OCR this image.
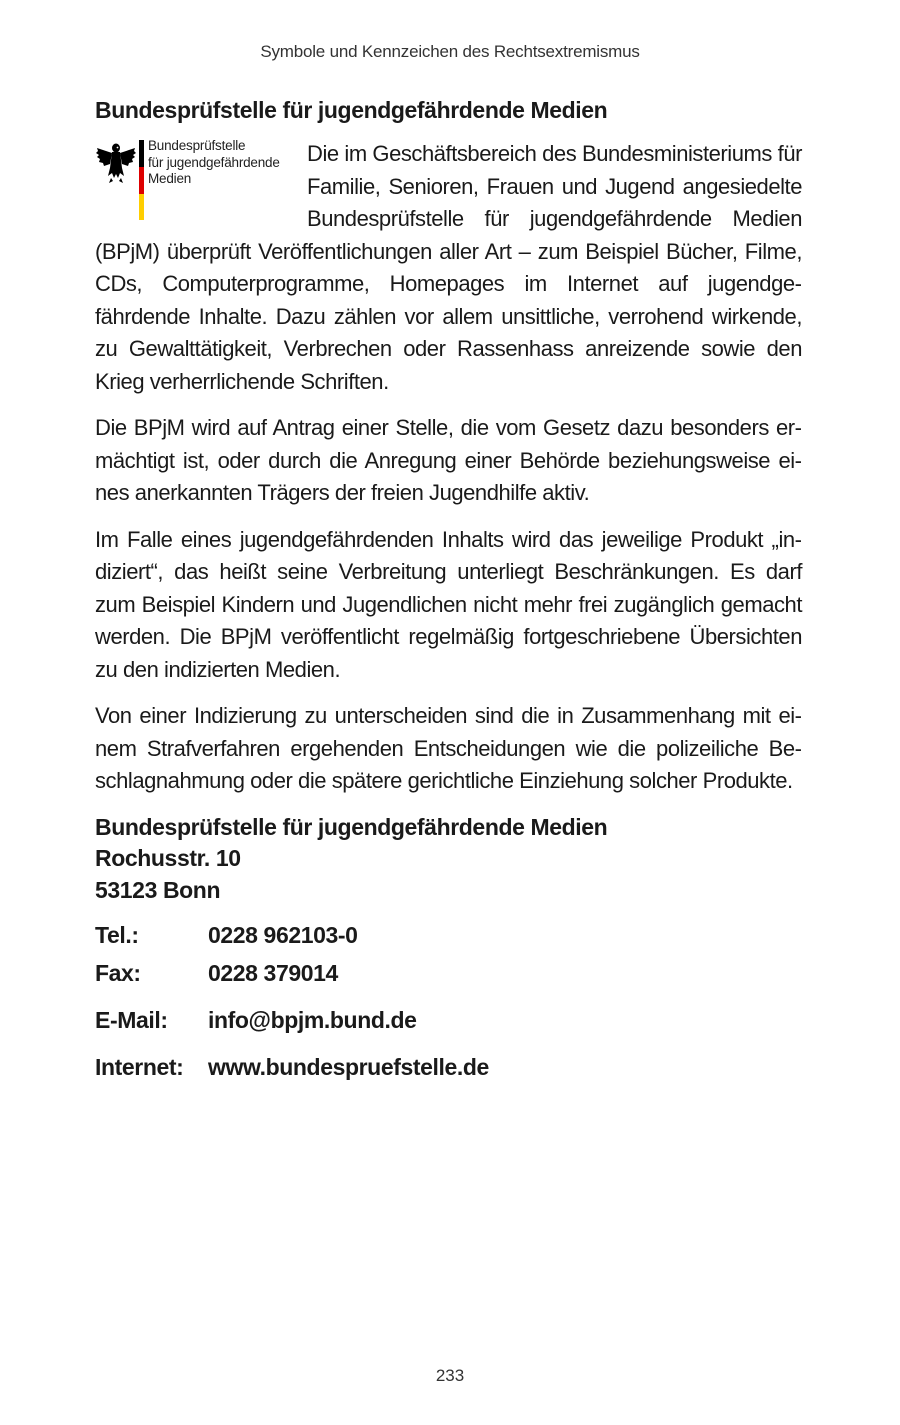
Symbole und Kennzeichen des Rechtsextremismus
Bundesprüfstelle für jugendgefährdende Medien

Bundesprüfstelle
für jugendgefährdende
Medien
Die im Geschäftsbereich des Bundesministeriums für Familie, Senioren, Frauen und Jugend angesiedelte Bundesprüfstelle für jugendgefährdende Medien (BPjM) überprüft Veröffentlichungen aller Art – zum Beispiel Bücher, Filme, CDs, Computerprogramme, Homepages im Internet auf jugendgefährdende Inhalte. Dazu zählen vor allem unsittliche, verrohend wirkende, zu Gewalttätigkeit, Verbrechen oder Rassenhass anreizende sowie den Krieg verherrlichende Schriften.

Die BPjM wird auf Antrag einer Stelle, die vom Gesetz dazu besonders ermächtigt ist, oder durch die Anregung einer Behörde beziehungsweise eines anerkannten Trägers der freien Jugendhilfe aktiv.

Im Falle eines jugendgefährdenden Inhalts wird das jeweilige Produkt „indiziert“, das heißt seine Verbreitung unterliegt Beschränkungen. Es darf zum Beispiel Kindern und Jugendlichen nicht mehr frei zugänglich gemacht werden. Die BPjM veröffentlicht regelmäßig fortgeschriebene Übersichten zu den indizierten Medien.

Von einer Indizierung zu unterscheiden sind die in Zusammenhang mit einem Strafverfahren ergehenden Entscheidungen wie die polizeiliche Beschlagnahmung oder die spätere gerichtliche Einziehung solcher Produkte.

Bundesprüfstelle für jugendgefährdende Medien
Rochusstr. 10
53123 Bonn
Tel.:	0228 962103-0
Fax:	0228 379014
E-Mail:	info@bpjm.bund.de
Internet:	www.bundespruefstelle.de
233
